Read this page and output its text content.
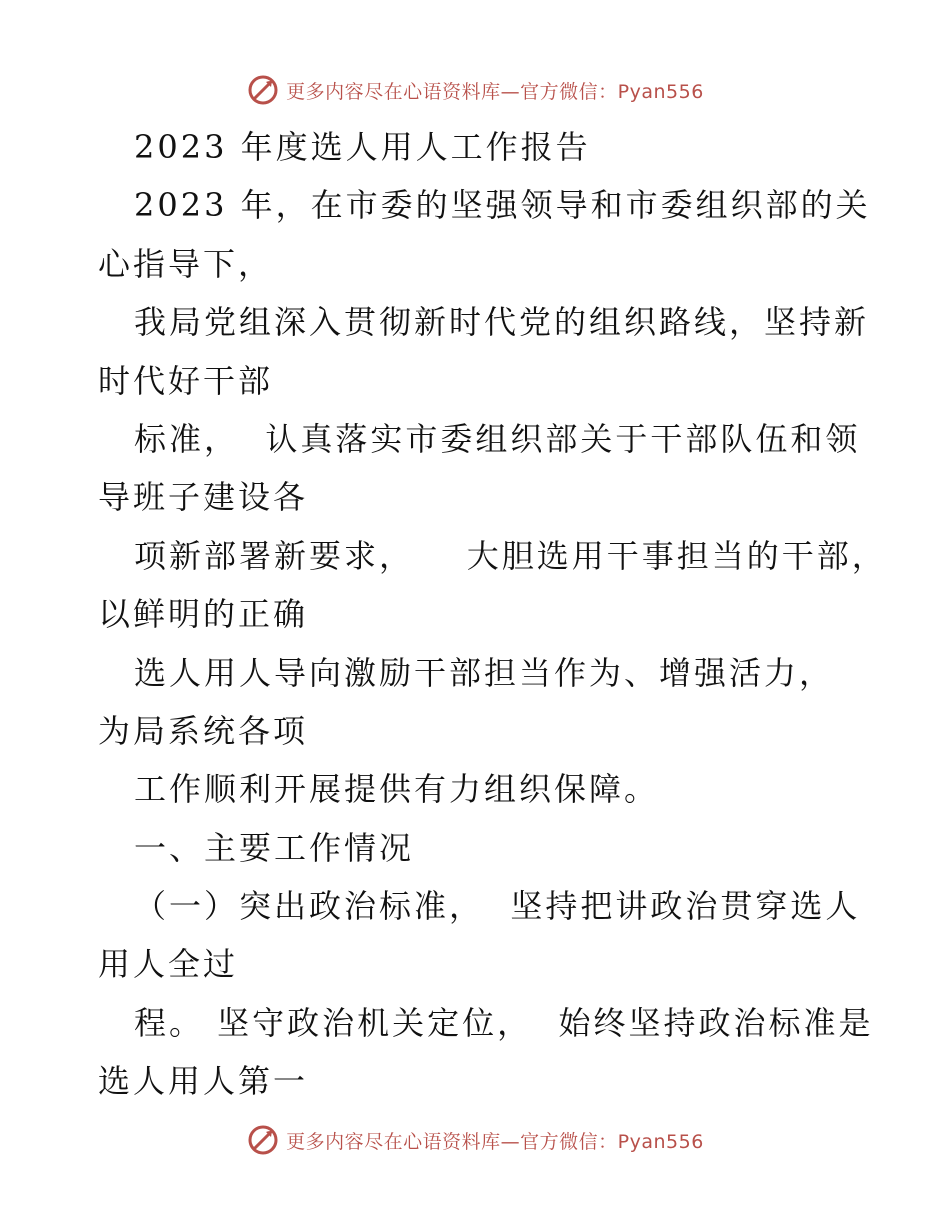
更多内容尽在心语资料库—官方微信：Pyan556
2023 年度选人用人工作报告
2023 年，在市委的坚强领导和市委组织部的关
心指导下，
我局党组深入贯彻新时代党的组织路线，坚持新
时代好干部
标准，  认真落实市委组织部关于干部队伍和领
导班子建设各
项新部署新要求，    大胆选用干事担当的干部，
以鲜明的正确
选人用人导向激励干部担当作为、增强活力，
为局系统各项
工作顺利开展提供有力组织保障。
一、主要工作情况
（一）突出政治标准，  坚持把讲政治贯穿选人
用人全过
程。 坚守政治机关定位，  始终坚持政治标准是
选人用人第一
更多内容尽在心语资料库—官方微信：Pyan556
